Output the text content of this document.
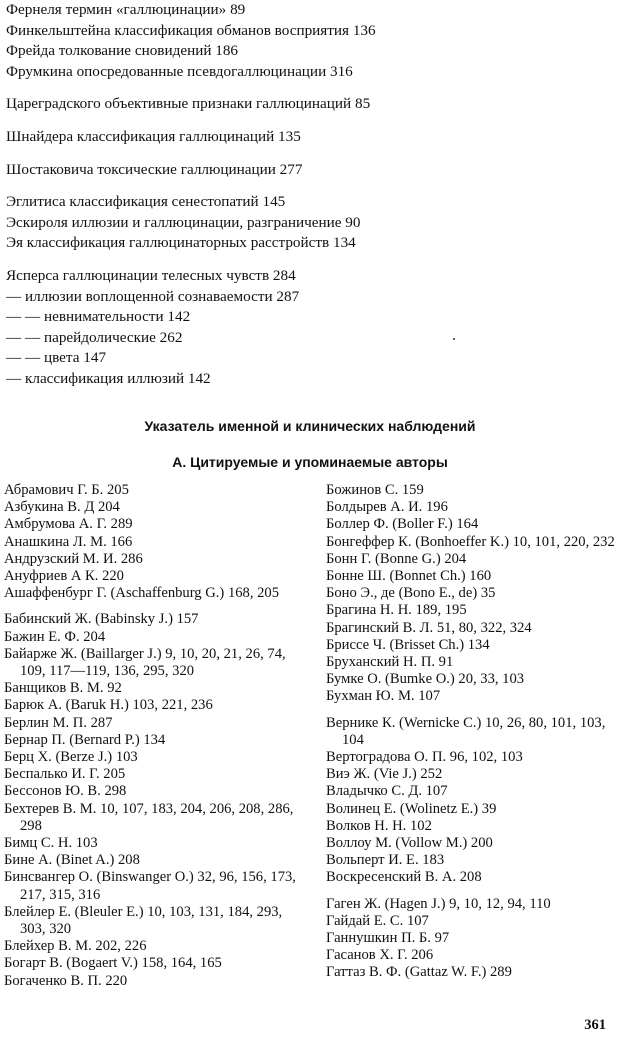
Фернеля термин «галлюцинации» 89
Финкельштейна классификация обманов восприятия 136
Фрейда толкование сновидений 186
Фрумкина опосредованные псевдогаллюцинации 316
Цареградского объективные признаки галлюцинаций 85
Шнайдера классификация галлюцинаций 135
Шостаковича токсические галлюцинации 277
Эглитиса классификация сенестопатий 145
Эскироля иллюзии и галлюцинации, разграничение 90
Эя классификация галлюцинаторных расстройств 134
Ясперса галлюцинации телесных чувств 284
— иллюзии воплощенной сознаваемости 287
— — невнимательности 142
— — парейдолические 262
— — цвета 147
— классификация иллюзий 142
Указатель именной и клинических наблюдений
А. Цитируемые и упоминаемые авторы
Абрамович Г. Б. 205
Азбукина В. Д 204
Амбрумова А. Г. 289
Анашкина Л. М. 166
Андрузский М. И. 286
Ануфриев А К. 220
Ашаффенбург Г. (Aschaffenburg G.) 168, 205
Бабинский Ж. (Babinsky J.) 157
Бажин Е. Ф. 204
Байарже Ж. (Baillarger J.) 9, 10, 20, 21, 26, 74, 109, 117—119, 136, 295, 320
Банщиков В. М. 92
Барюк А. (Baruk H.) 103, 221, 236
Берлин М. П. 287
Бернар П. (Bernard P.) 134
Берц Х. (Berze J.) 103
Беспалько И. Г. 205
Бессонов Ю. В. 298
Бехтерев В. М. 10, 107, 183, 204, 206, 208, 286, 298
Бимц С. Н. 103
Бине А. (Binet A.) 208
Бинсвангер О. (Binswanger O.) 32, 96, 156, 173, 217, 315, 316
Блейлер Е. (Bleuler E.) 10, 103, 131, 184, 293, 303, 320
Блейхер В. М. 202, 226
Богарт В. (Bogaert V.) 158, 164, 165
Богаченко В. П. 220
Божинов С. 159
Болдырев А. И. 196
Боллер Ф. (Boller F.) 164
Бонгеффер К. (Bonhoeffer K.) 10, 101, 220, 232
Бонн Г. (Bonne G.) 204
Бонне Ш. (Bonnet Ch.) 160
Боно Э., де (Bono E., de) 35
Брагина Н. Н. 189, 195
Брагинский В. Л. 51, 80, 322, 324
Бриссе Ч. (Brisset Ch.) 134
Бруханский Н. П. 91
Бумке О. (Bumke O.) 20, 33, 103
Бухман Ю. М. 107
Вернике К. (Wernicke C.) 10, 26, 80, 101, 103, 104
Вертоградова О. П. 96, 102, 103
Виэ Ж. (Vie J.) 252
Владычко С. Д. 107
Волинец Е. (Wolinetz E.) 39
Волков Н. Н. 102
Воллоу М. (Vollow M.) 200
Вольперт И. Е. 183
Воскресенский В. А. 208
Гаген Ж. (Hagen J.) 9, 10, 12, 94, 110
Гайдай Е. С. 107
Ганнушкин П. Б. 97
Гасанов Х. Г. 206
Гаттаз В. Ф. (Gattaz W. F.) 289
361
